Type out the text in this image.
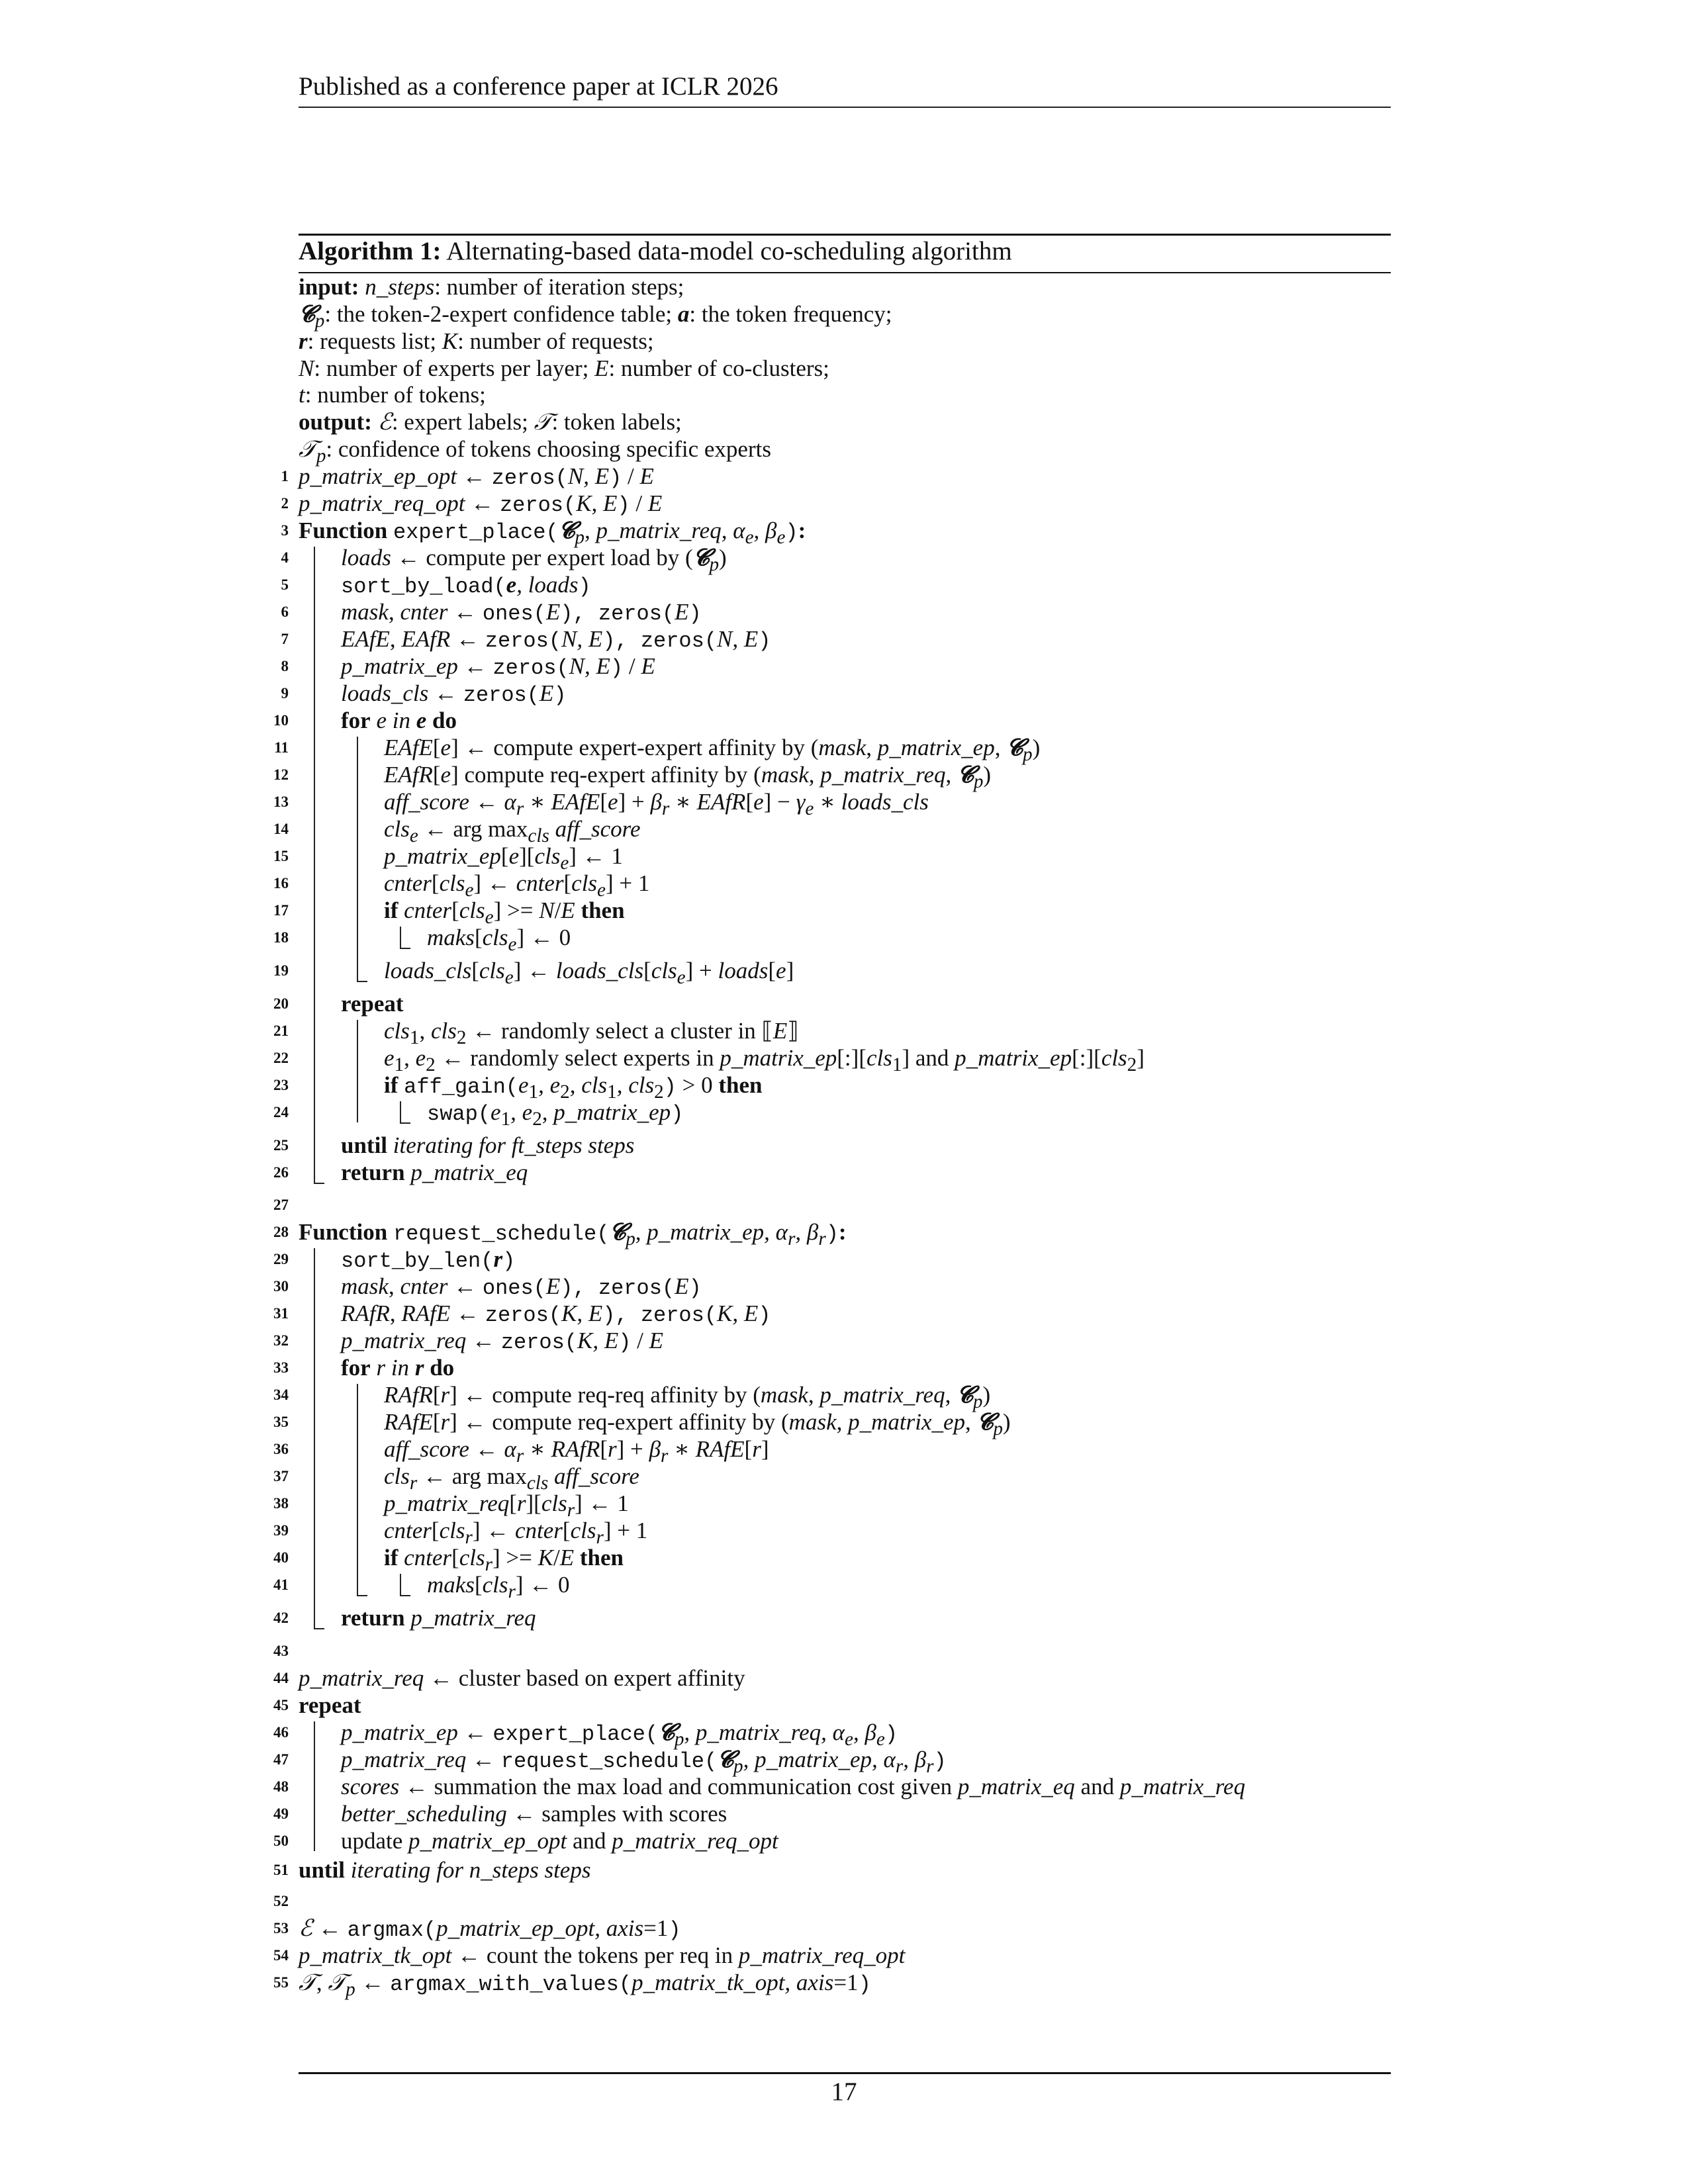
Published as a conference paper at ICLR 2026
Algorithm 1: Alternating-based data-model co-scheduling algorithm
input: n_steps: number of iteration steps;
𝓒$_p$: the token-2-expert confidence table; a: the token frequency;
r: requests list; K: number of requests;
N: number of experts per layer; E: number of co-clusters;
t: number of tokens;
output: ℰ: expert labels; 𝒯: token labels;
𝒯$_p$: confidence of tokens choosing specific experts
1 p_matrix_ep_opt ← zeros(N, E) / E
2 p_matrix_req_opt ← zeros(K, E) / E
3 Function expert_place(𝓒$_p$, p_matrix_req, $\alpha_e$, $\beta_e$):
4 loads ← compute per expert load by (𝓒$_p$)
5 sort_by_load(e, loads)
6 mask, cnter ← ones(E), zeros(E)
7 EAfE, EAfR ← zeros(N, E), zeros(N, E)
8 p_matrix_ep ← zeros(N, E) / E
9 loads_cls ← zeros(E)
10 for e in e do
11	EAfE[e] ← compute expert-expert affinity by (mask, p_matrix_ep, 𝓒$_p$)
12	EAfR[e] compute req-expert affinity by (mask, p_matrix_req, 𝓒$_p$)
13	aff_score ← $\alpha_r$ ∗ EAfE[e] + $\beta_r$ ∗ EAfR[e] − $\gamma_e$ ∗ loads_cls
14	cls$_e$ ← arg $\max_{cls}$ aff_score
15	p_matrix_ep[e][cls$_e$] ← 1
16	cnter[cls$_e$] ← cnter[cls$_e$] + 1
17	if cnter[cls$_e$] >= N/E then
18	maks[cls$_e$] ← 0
19	loads_cls[cls$_e$] ← loads_cls[cls$_e$] + loads[e]
20 repeat
21	cls$_1$, cls$_2$ ← randomly select a cluster in ⟦E⟧
22	$e_1$, $e_2$ ← randomly select experts in p_matrix_ep[:][cls$_1$] and p_matrix_ep[:][cls$_2$]
23	if $aff\_gain(e_1$, $e_2$, cls$_1$, cls$_2$) > 0 then
24	$swap(e_1$, $e_2$, p_matrix_ep)
25 until iterating for ft_steps steps
26 return p_matrix_eq
27
28 Function request_schedule(𝓒$_p$, p_matrix_ep, $\alpha_r$, $\beta_r$):
29 sort_by_len(r)
30 mask, cnter ← ones(E), zeros(E)
31 RAfR, RAfE ← zeros(K, E), zeros(K, E)
32 p_matrix_req ← zeros(K, E) / E
33 for r in r do
34	RAfR[r] ← compute req-req affinity by (mask, p_matrix_req, 𝓒$_p$)
35	RAfE[r] ← compute req-expert affinity by (mask, p_matrix_ep, 𝓒$_p$)
36	aff_score ← $\alpha_r$ ∗ RAfR[r] + $\beta_r$ ∗ RAfE[r]
37	cls$_r$ ← arg $\max_{cls}$ aff_score
38	p_matrix_req[r][cls$_r$] ← 1
39	cnter[cls$_r$] ← cnter[cls$_r$] + 1
40	if cnter[cls$_r$] >= K/E then
41	maks[cls$_r$] ← 0
42 return p_matrix_req
43
44 p_matrix_req ← cluster based on expert affinity
45 repeat
46 p_matrix_ep ← expert_place(𝓒$_p$, p_matrix_req, $\alpha_e$, $\beta_e$)
47 p_matrix_req ← request_schedule(𝓒$_p$, p_matrix_ep, $\alpha_r$, $\beta_r$)
48 scores ← summation the max load and communication cost given p_matrix_eq and p_matrix_req
49 better_scheduling ← samples with scores
50 update p_matrix_ep_opt and p_matrix_req_opt
51 until iterating for n_steps steps
52
53 ℰ ← argmax(p_matrix_ep_opt, axis=1)
54 p_matrix_tk_opt ← count the tokens per req in p_matrix_req_opt
55 𝒯, 𝒯$_p$ ← argmax_with_values(p_matrix_tk_opt, axis=1)
17
